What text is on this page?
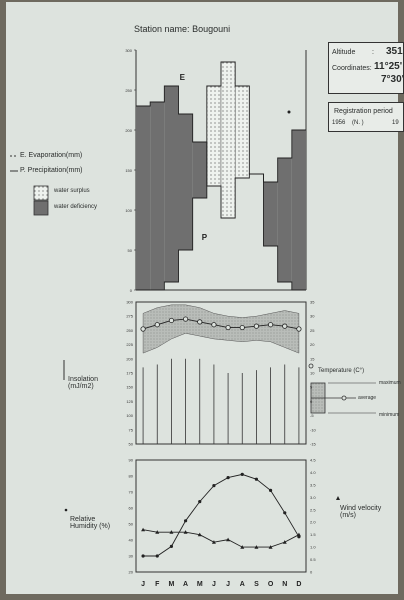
Station name: Bougouni
Altitude : 351
Coordinates: 11°25'
7°30'
Registration period
1956 (N. )	19
E. Evaporation(mm)
P. Precipitation(mm)
water surplus
water deficiency
Insolation (mJ/m2)
Temperature (C°)
maximum
average
minimum
Relative Humidity (%)
Wind velocity (m/s)
300
250
200
150
100
50
0
E
P
300
275
250
225
200
175
150
125
100
75
50
35
30
25
20
15
10
5
0
-5
-10
-15
90
80
70
60
50
40
30
20
4.5
4.0
3.5
3.0
2.5
2.0
1.5
1.0
0.5
0
J F M A M J J A S O N D
